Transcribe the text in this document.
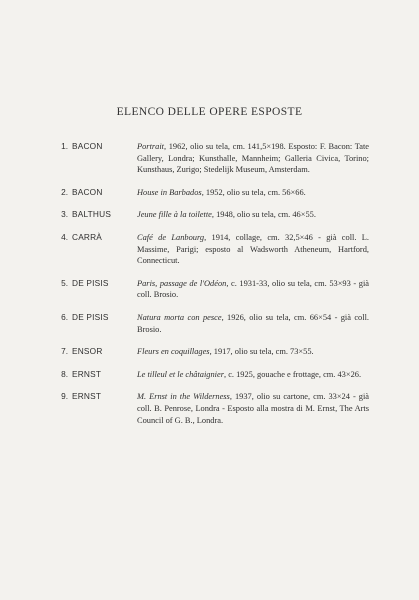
ELENCO DELLE OPERE ESPOSTE
1. BACON	Portrait, 1962, olio su tela, cm. 141,5×198. Esposto: F. Bacon: Tate Gallery, Londra; Kunsthalle, Mannheim; Galleria Civica, Torino; Kunsthaus, Zurigo; Stedelijk Museum, Amsterdam.
2. BACON	House in Barbados, 1952, olio su tela, cm. 56×66.
3. BALTHUS	Jeune fille à la toilette, 1948, olio su tela, cm. 46×55.
4. CARRÀ	Café de Lanbourg, 1914, collage, cm. 32,5×46 - già coll. L. Massime, Parigi; esposto al Wadsworth Atheneum, Hartford, Connecticut.
5. DE PISIS	Paris, passage de l'Odéon, c. 1931-33, olio su tela, cm. 53×93 - già coll. Brosio.
6. DE PISIS	Natura morta con pesce, 1926, olio su tela, cm. 66×54 - già coll. Brosio.
7. ENSOR	Fleurs en coquillages, 1917, olio su tela, cm. 73×55.
8. ERNST	Le tilleul et le châtaignier, c. 1925, gouache e frottage, cm. 43×26.
9. ERNST	M. Ernst in the Wilderness, 1937, olio su cartone, cm. 33×24 - già coll. B. Penrose, Londra - Esposto alla mostra di M. Ernst, The Arts Council of G. B., Londra.
